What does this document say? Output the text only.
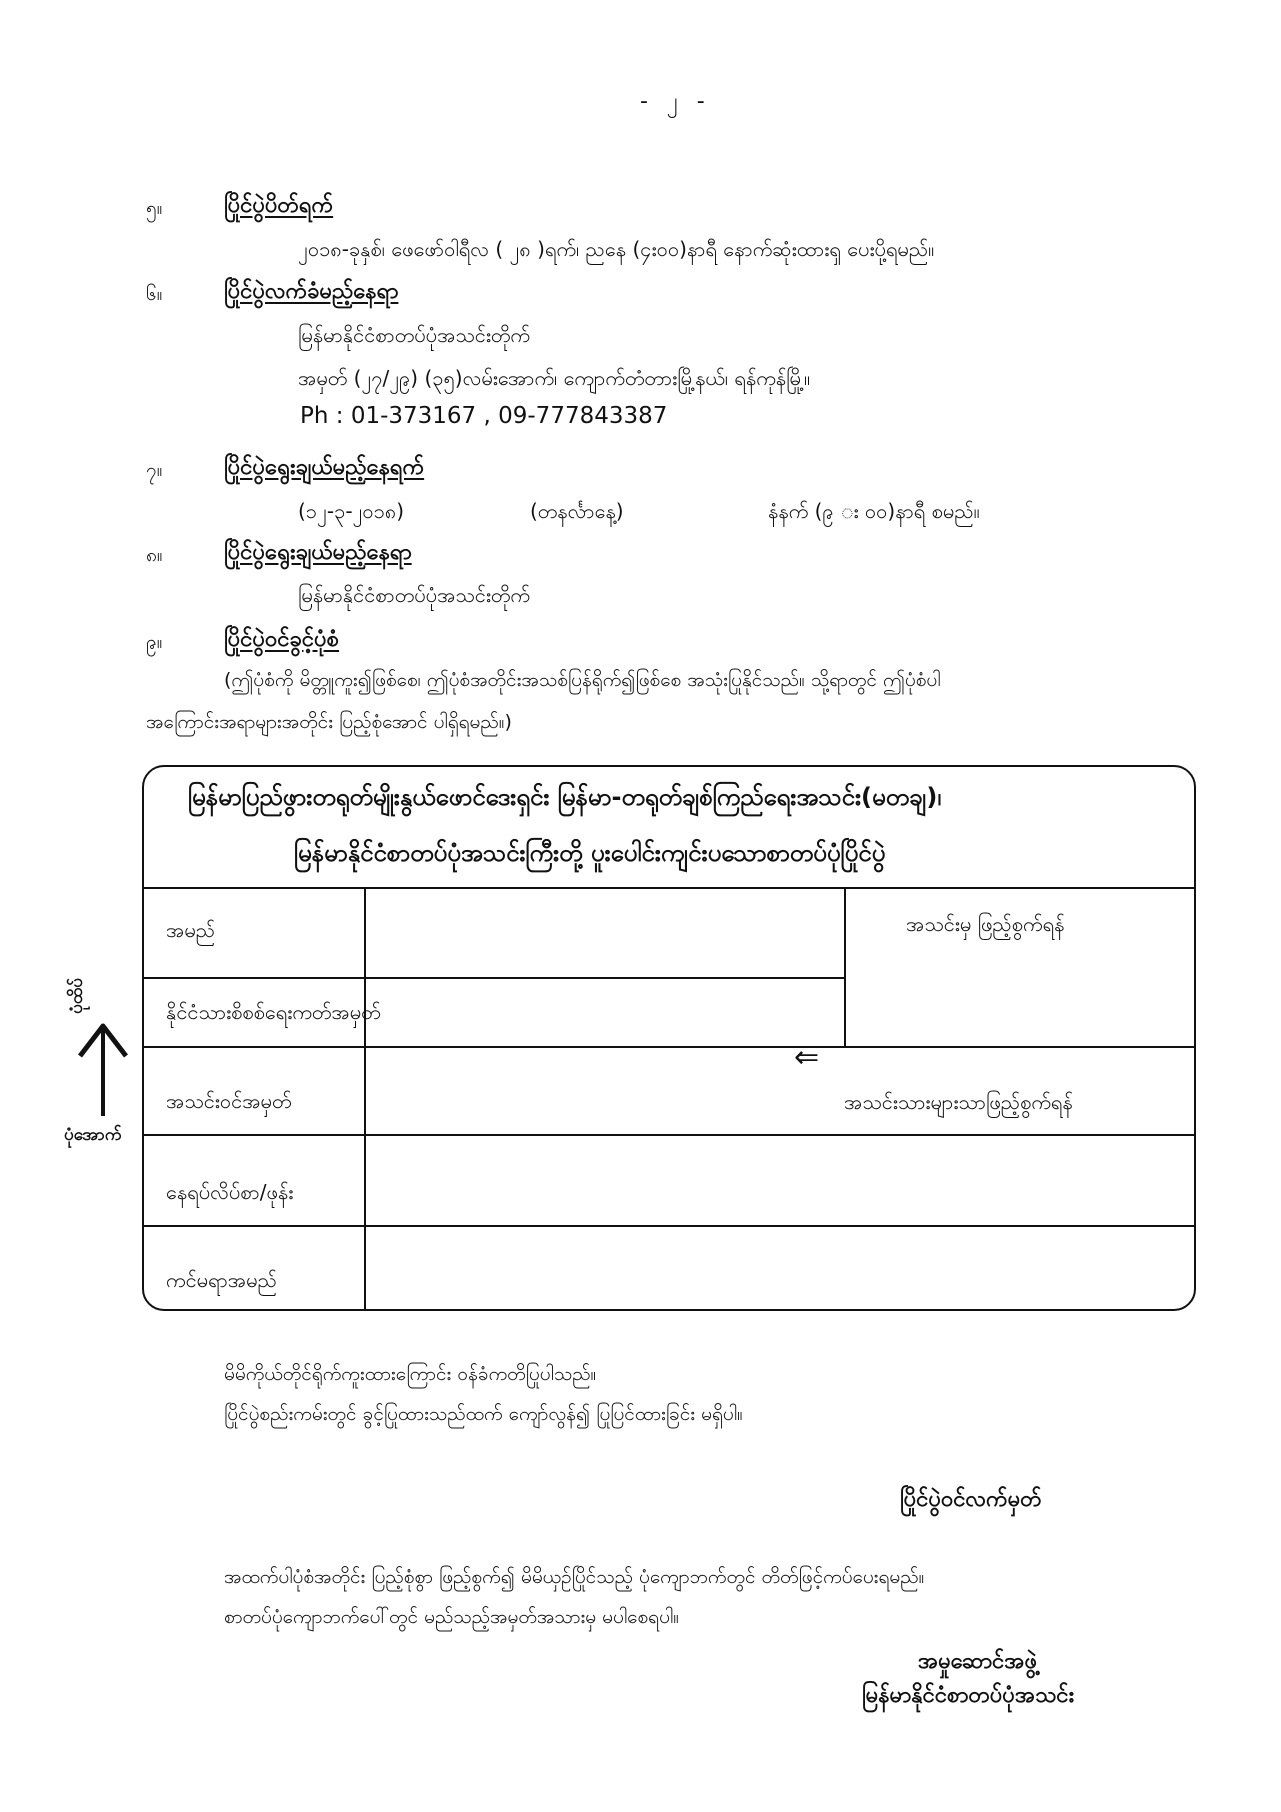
- ၂ -
၅။	ပြိုင်ပွဲပိတ်ရက်
၂၀၁၈-ခုနှစ်၊ ဖေဖော်ဝါရီလ ( ၂၈ )ရက်၊ ညနေ (၄း၀၀)နာရီ နောက်ဆုံးထားၡ ပေးပို့ရမည်။
၆။	ပြိုင်ပွဲလက်ခံမည့်နေရာ
မြန်မာနိုင်ငံစာတပ်ပုံအသင်းတိုက်
အမှတ် (၂၇/၂၉) (၃၅)လမ်းအောက်၊ ကျောက်တံတားမြို့နယ်၊ ရန်ကုန်မြို့။
Ph : 01-373167 , 09-777843387
၇။	ပြိုင်ပွဲရွေးချယ်မည့်နေရက်
(၁၂-၃-၂၀၁၈)	(တနင်္လာနေ့)	နံနက် (၉ း ၀၀)နာရီ စမည်။
၈။	ပြိုင်ပွဲရွေးချယ်မည့်နေရာ
မြန်မာနိုင်ငံစာတပ်ပုံအသင်းတိုက်
၉။	ပြိုင်ပွဲဝင်ခွင့်ပုံစံ
(ဤပုံစံကို မိတ္တူကူး၍ဖြစ်စေ၊ ဤပုံစံအတိုင်းအသစ်ပြန်ရိုက်၍ဖြစ်စေ အသုံးပြုနိုင်သည်။ သို့ရာတွင် ဤပုံစံပါ
အကြောင်းအရာများအတိုင်း ပြည့်စုံအောင် ပါရှိရမည်။)
မြန်မာပြည်ဖွားတရုတ်မျိုးနွယ်ဖောင်ဒေးရှင်း မြန်မာ-တရုတ်ချစ်ကြည်ရေးအသင်း(မတချ)၊
မြန်မာနိုင်ငံစာတပ်ပုံအသင်းကြီးတို့ ပူးပေါင်းကျင်းပသောစာတပ်ပုံပြိုင်ပွဲ
အမည်
နိုင်ငံသားစိစစ်ရေးကတ်အမှတ်
အသင်းဝင်အမှတ်
နေရပ်လိပ်စာ/ဖုန်း
ကင်မရာအမည်
အသင်းမှ ဖြည့်စွက်ရန်
⇐
အသင်းသားများသာဖြည့်စွက်ရန်
ပုံထိပ်
ပုံအောက်
မိမိကိုယ်တိုင်ရိုက်ကူးထားကြောင်း ဝန်ခံကတိပြုပါသည်။
ပြိုင်ပွဲစည်းကမ်းတွင် ခွင့်ပြုထားသည်ထက် ကျော်လွန်၍ ပြုပြင်ထားခြင်း မရှိပါ။
ပြိုင်ပွဲဝင်လက်မှတ်
အထက်ပါပုံစံအတိုင်း ပြည့်စုံစွာ ဖြည့်စွက်၍ မိမိယှဉ်ပြိုင်သည့် ပုံကျောဘက်တွင် တိတ်ဖြင့်ကပ်ပေးရမည်။
စာတပ်ပုံကျောဘက်ပေါ်တွင် မည်သည့်အမှတ်အသားမှ မပါစေရပါ။
အမှုဆောင်အဖွဲ့
မြန်မာနိုင်ငံစာတပ်ပုံအသင်း
